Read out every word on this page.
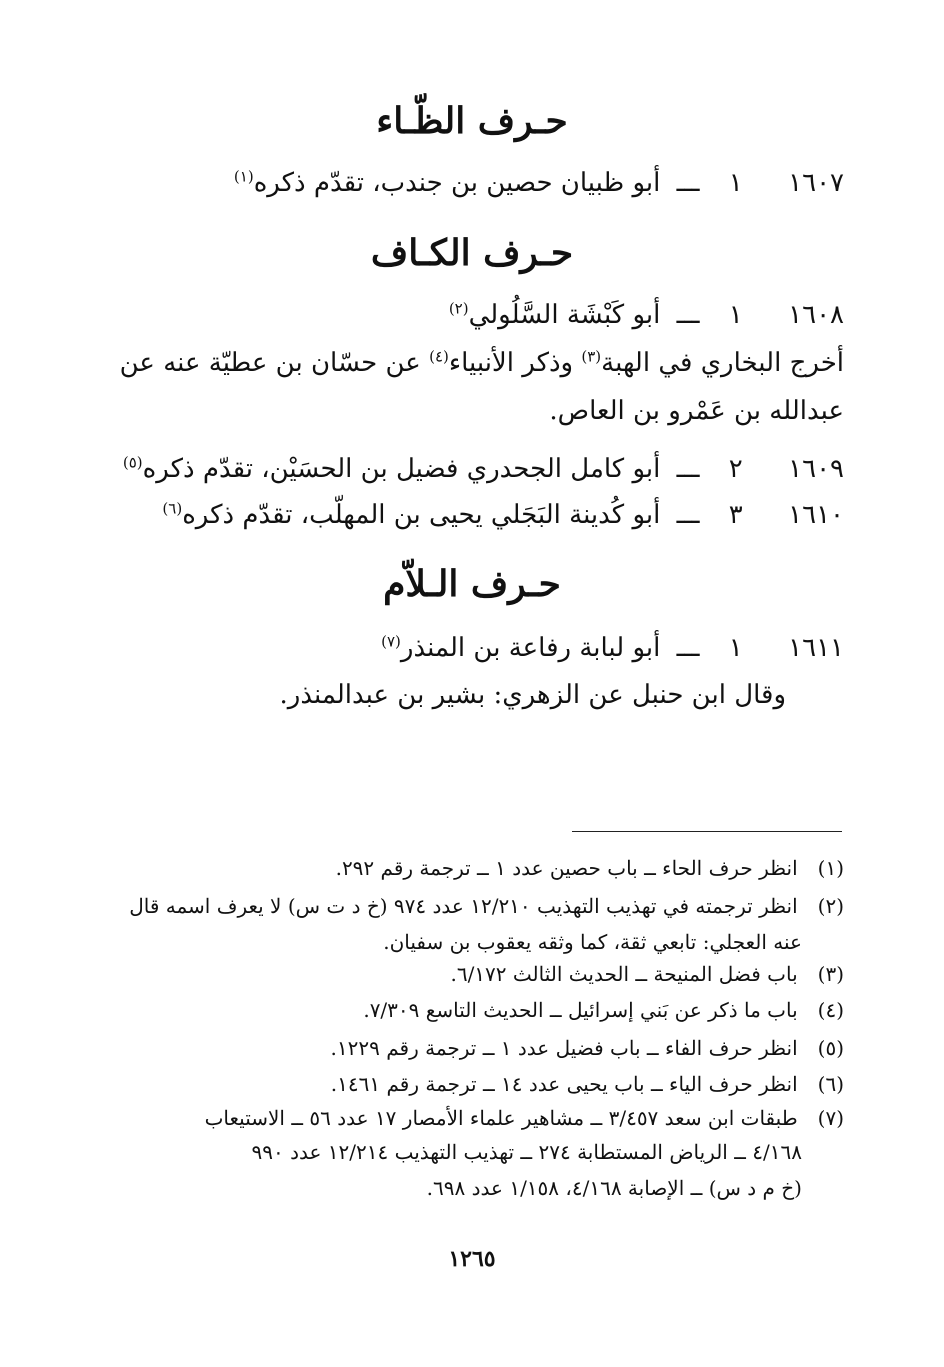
حـرف الظّـاء
١٦٠٧ ١ ـــ أبو ظبيان حصين بن جندب، تقدّم ذكره$^{(١)}$
حـرف الكـاف
١٦٠٨ ١ ـــ أبو كَبْشَة السَّلُولي$^{(٢)}$
أخرج البخاري في الهبة$^{(٣)}$ وذكر الأنبياء$^{(٤)}$ عن حسّان بن عطيّة عنه عن
عبدالله بن عَمْرو بن العاص.
١٦٠٩ ٢ ـــ أبو كامل الجحدري فضيل بن الحسَيْن، تقدّم ذكره$^{(٥)}$
١٦١٠ ٣ ـــ أبو كُدينة البَجَلي يحيى بن المهلّب، تقدّم ذكره$^{(٦)}$
حـرف الـلاّم
١٦١١ ١ ـــ أبو لبابة رفاعة بن المنذر$^{(٧)}$
وقال ابن حنبل عن الزهري: بشير بن عبدالمنذر.
(١) انظر حرف الحاء ــ باب حصين عدد ١ ــ ترجمة رقم ٢٩٢.
(٢) انظر ترجمته في تهذيب التهذيب ١٢/٢١٠ عدد ٩٧٤ (خ د ت س) لا يعرف اسمه قال
عنه العجلي: تابعي ثقة، كما وثقه يعقوب بن سفيان.
(٣) باب فضل المنيحة ــ الحديث الثالث ٦/١٧٢.
(٤) باب ما ذكر عن بَني إسرائيل ــ الحديث التاسع ٧/٣٠٩.
(٥) انظر حرف الفاء ــ باب فضيل عدد ١ ــ ترجمة رقم ١٢٢٩.
(٦) انظر حرف الياء ــ باب يحيى عدد ١٤ ــ ترجمة رقم ١٤٦١.
(٧) طبقات ابن سعد ٣/٤٥٧ ــ مشاهير علماء الأمصار ١٧ عدد ٥٦ ــ الاستيعاب
٤/١٦٨ ــ الرياض المستطابة ٢٧٤ ــ تهذيب التهذيب ١٢/٢١٤ عدد ٩٩٠
(خ م د س) ــ الإصابة ٤/١٦٨، ١/١٥٨ عدد ٦٩٨.
١٢٦٥
